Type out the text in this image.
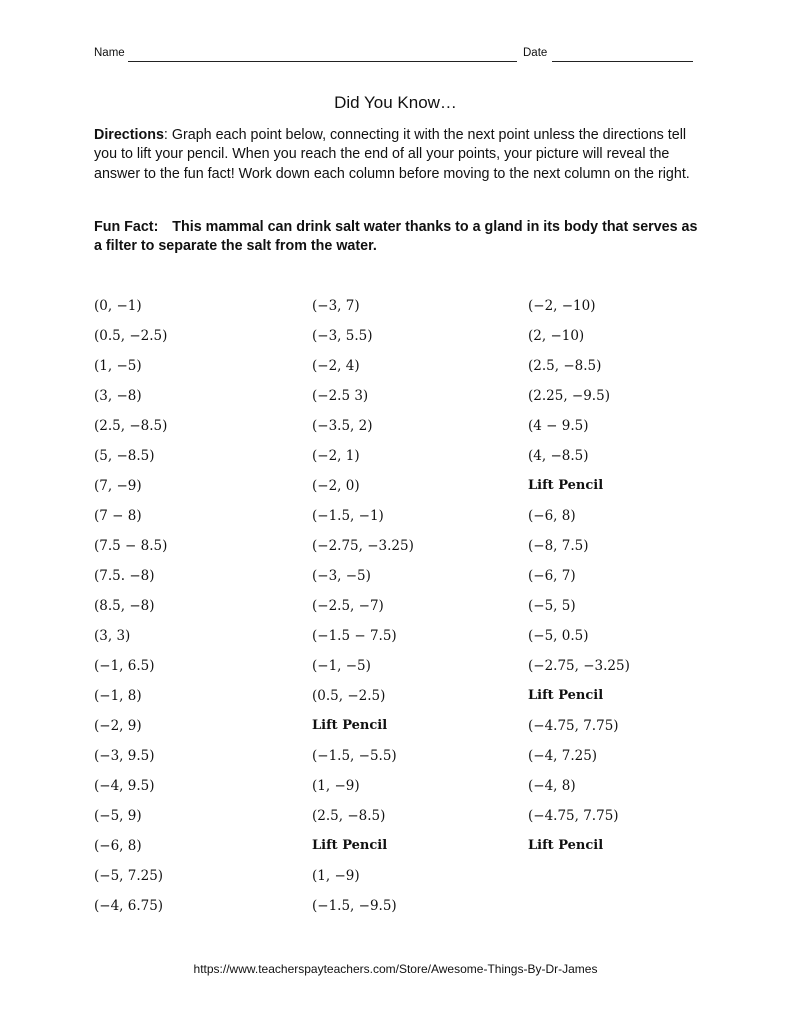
Name	Date
Did You Know…
Directions: Graph each point below, connecting it with the next point unless the directions tell you to lift your pencil. When you reach the end of all your points, your picture will reveal the answer to the fun fact! Work down each column before moving to the next column on the right.
Fun Fact: This mammal can drink salt water thanks to a gland in its body that serves as a filter to separate the salt from the water.
(0, −1)
(0.5, −2.5)
(1, −5)
(3, −8)
(2.5, −8.5)
(5, −8.5)
(7, −9)
(7 − 8)
(7.5 − 8.5)
(7.5. −8)
(8.5, −8)
(3, 3)
(−1, 6.5)
(−1, 8)
(−2, 9)
(−3, 9.5)
(−4, 9.5)
(−5, 9)
(−6, 8)
(−5, 7.25)
(−4, 6.75)
(−3, 7)
(−3, 5.5)
(−2, 4)
(−2.5 3)
(−3.5, 2)
(−2, 1)
(−2, 0)
(−1.5, −1)
(−2.75, −3.25)
(−3, −5)
(−2.5, −7)
(−1.5 − 7.5)
(−1, −5)
(0.5, −2.5)
Lift Pencil
(−1.5, −5.5)
(1, −9)
(2.5, −8.5)
Lift Pencil
(1, −9)
(−1.5, −9.5)
(−2, −10)
(2, −10)
(2.5, −8.5)
(2.25, −9.5)
(4 − 9.5)
(4, −8.5)
Lift Pencil
(−6, 8)
(−8, 7.5)
(−6, 7)
(−5, 5)
(−5, 0.5)
(−2.75, −3.25)
Lift Pencil
(−4.75, 7.75)
(−4, 7.25)
(−4, 8)
(−4.75, 7.75)
Lift Pencil
https://www.teacherspayteachers.com/Store/Awesome-Things-By-Dr-James
